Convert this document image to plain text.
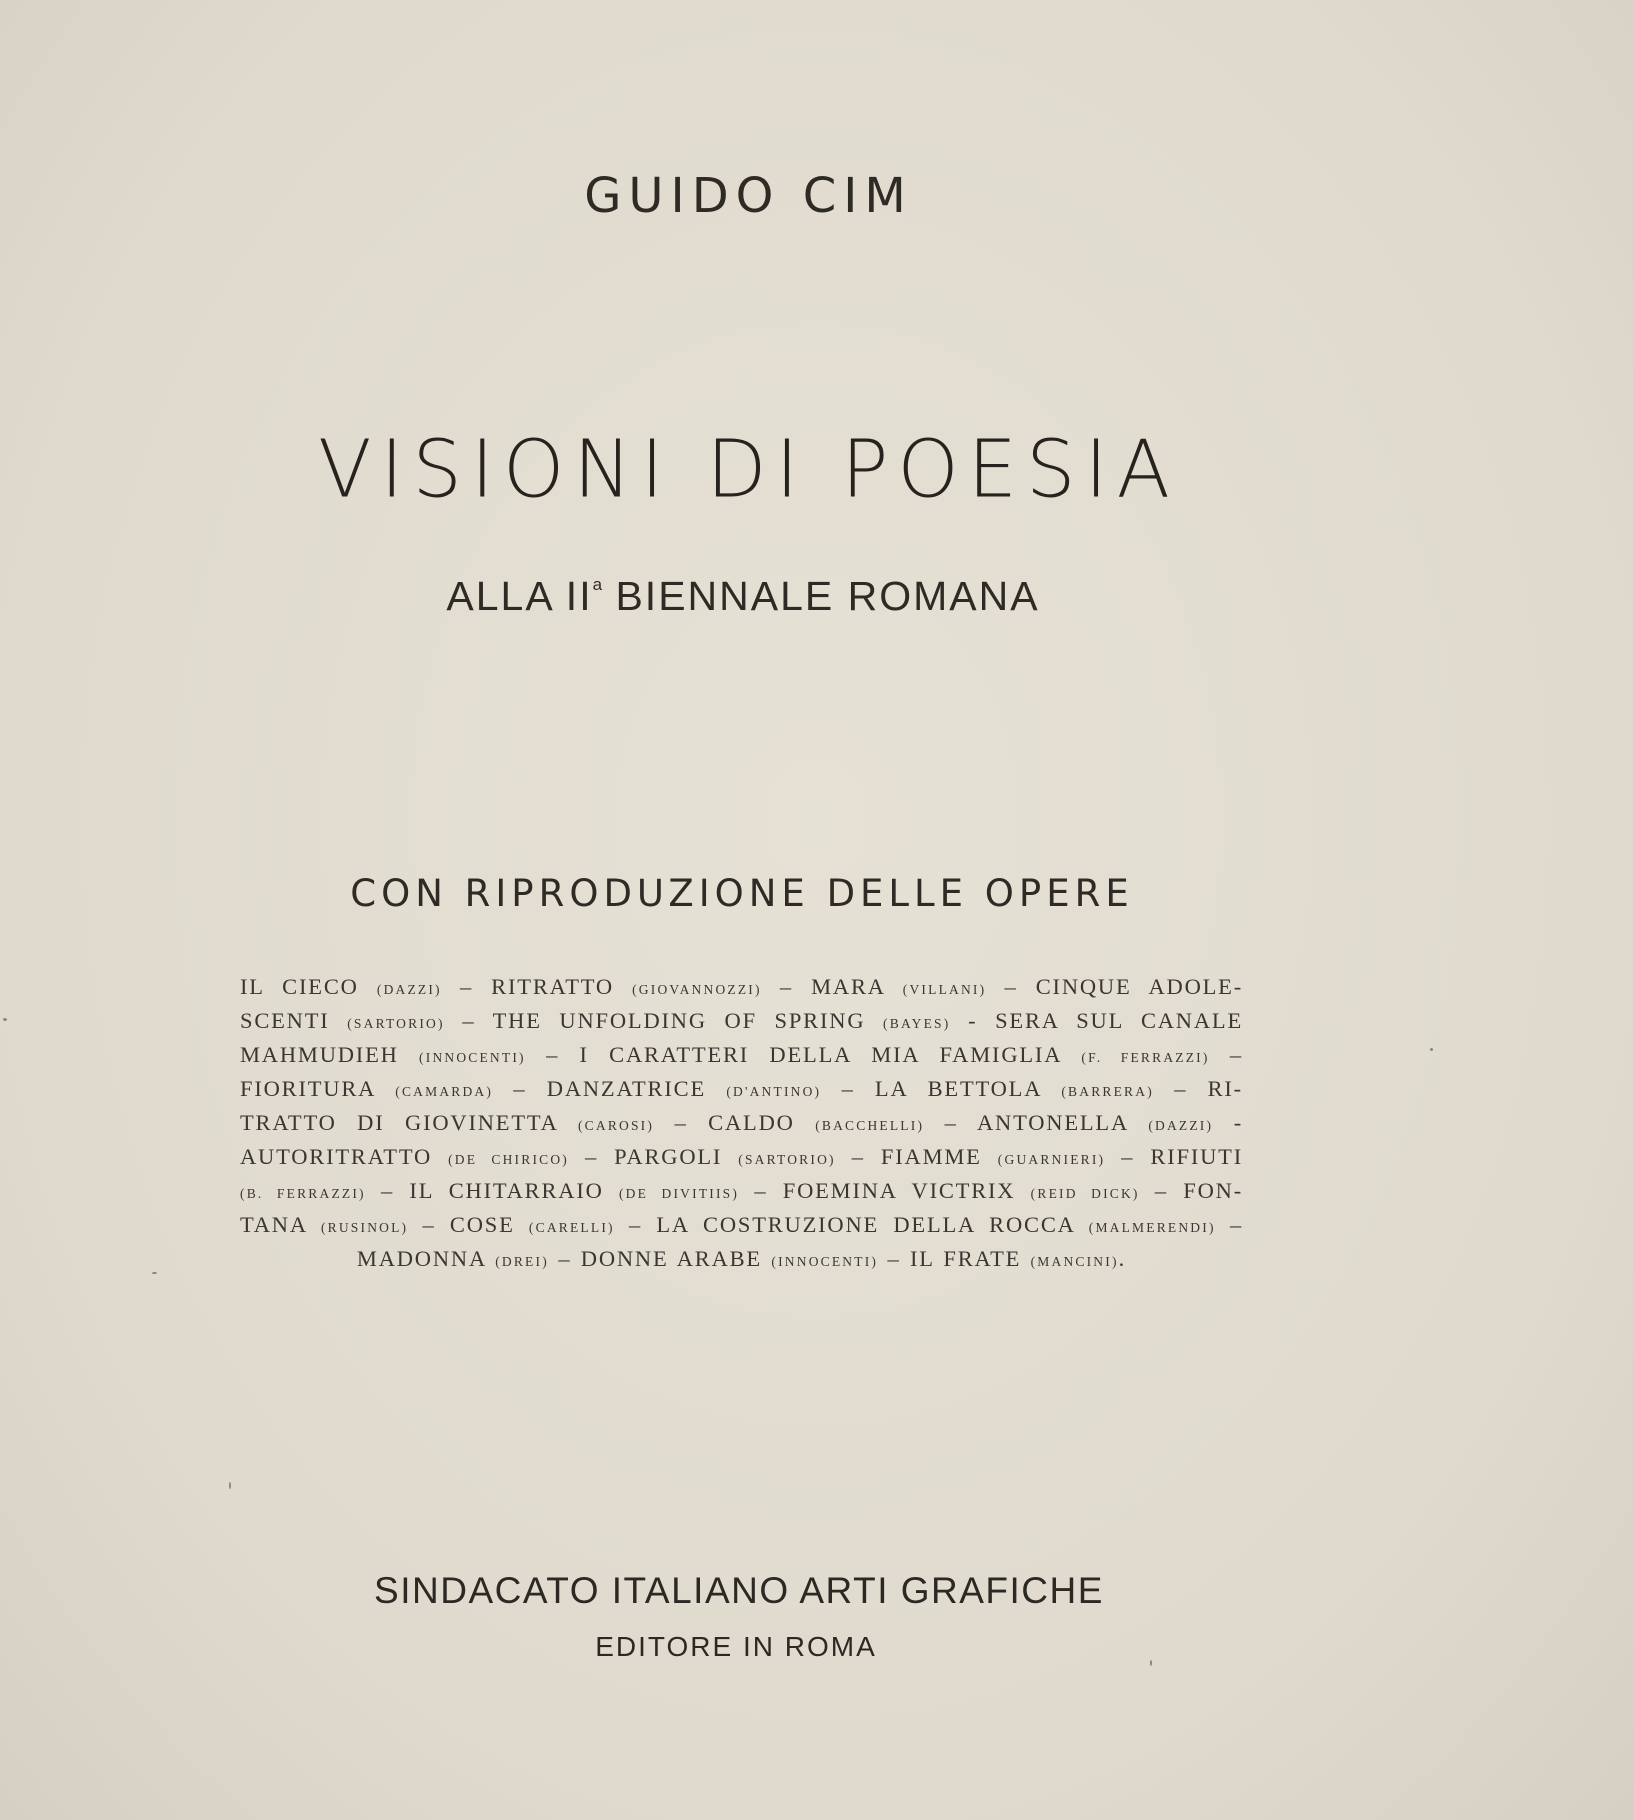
GUIDO CIM
VISIONI DI POESIA
ALLA $II^a$ BIENNALE ROMANA
CON RIPRODUZIONE DELLE OPERE
IL CIECO (DAZZI) – RITRATTO (GIOVANNOZZI) – MARA (VILLANI) – CINQUE ADOLE-
SCENTI (SARTORIO) – THE UNFOLDING OF SPRING (BAYES) - SERA SUL CANALE
MAHMUDIEH (INNOCENTI) – I CARATTERI DELLA MIA FAMIGLIA (F. FERRAZZI) –
FIORITURA (CAMARDA) – DANZATRICE (D'ANTINO) – LA BETTOLA (BARRERA) – RI-
TRATTO DI GIOVINETTA (CAROSI) – CALDO (BACCHELLI) – ANTONELLA (DAZZI) -
AUTORITRATTO (DE CHIRICO) – PARGOLI (SARTORIO) – FIAMME (GUARNIERI) – RIFIUTI
(B. FERRAZZI) – IL CHITARRAIO (DE DIVITIIS) – FOEMINA VICTRIX (REID DICK) – FON-
TANA (RUSINOL) – COSE (CARELLI) – LA COSTRUZIONE DELLA ROCCA (MALMERENDI) –
MADONNA (DREI) – DONNE ARABE (INNOCENTI) – IL FRATE (MANCINI).
SINDACATO ITALIANO ARTI GRAFICHE
EDITORE IN ROMA
